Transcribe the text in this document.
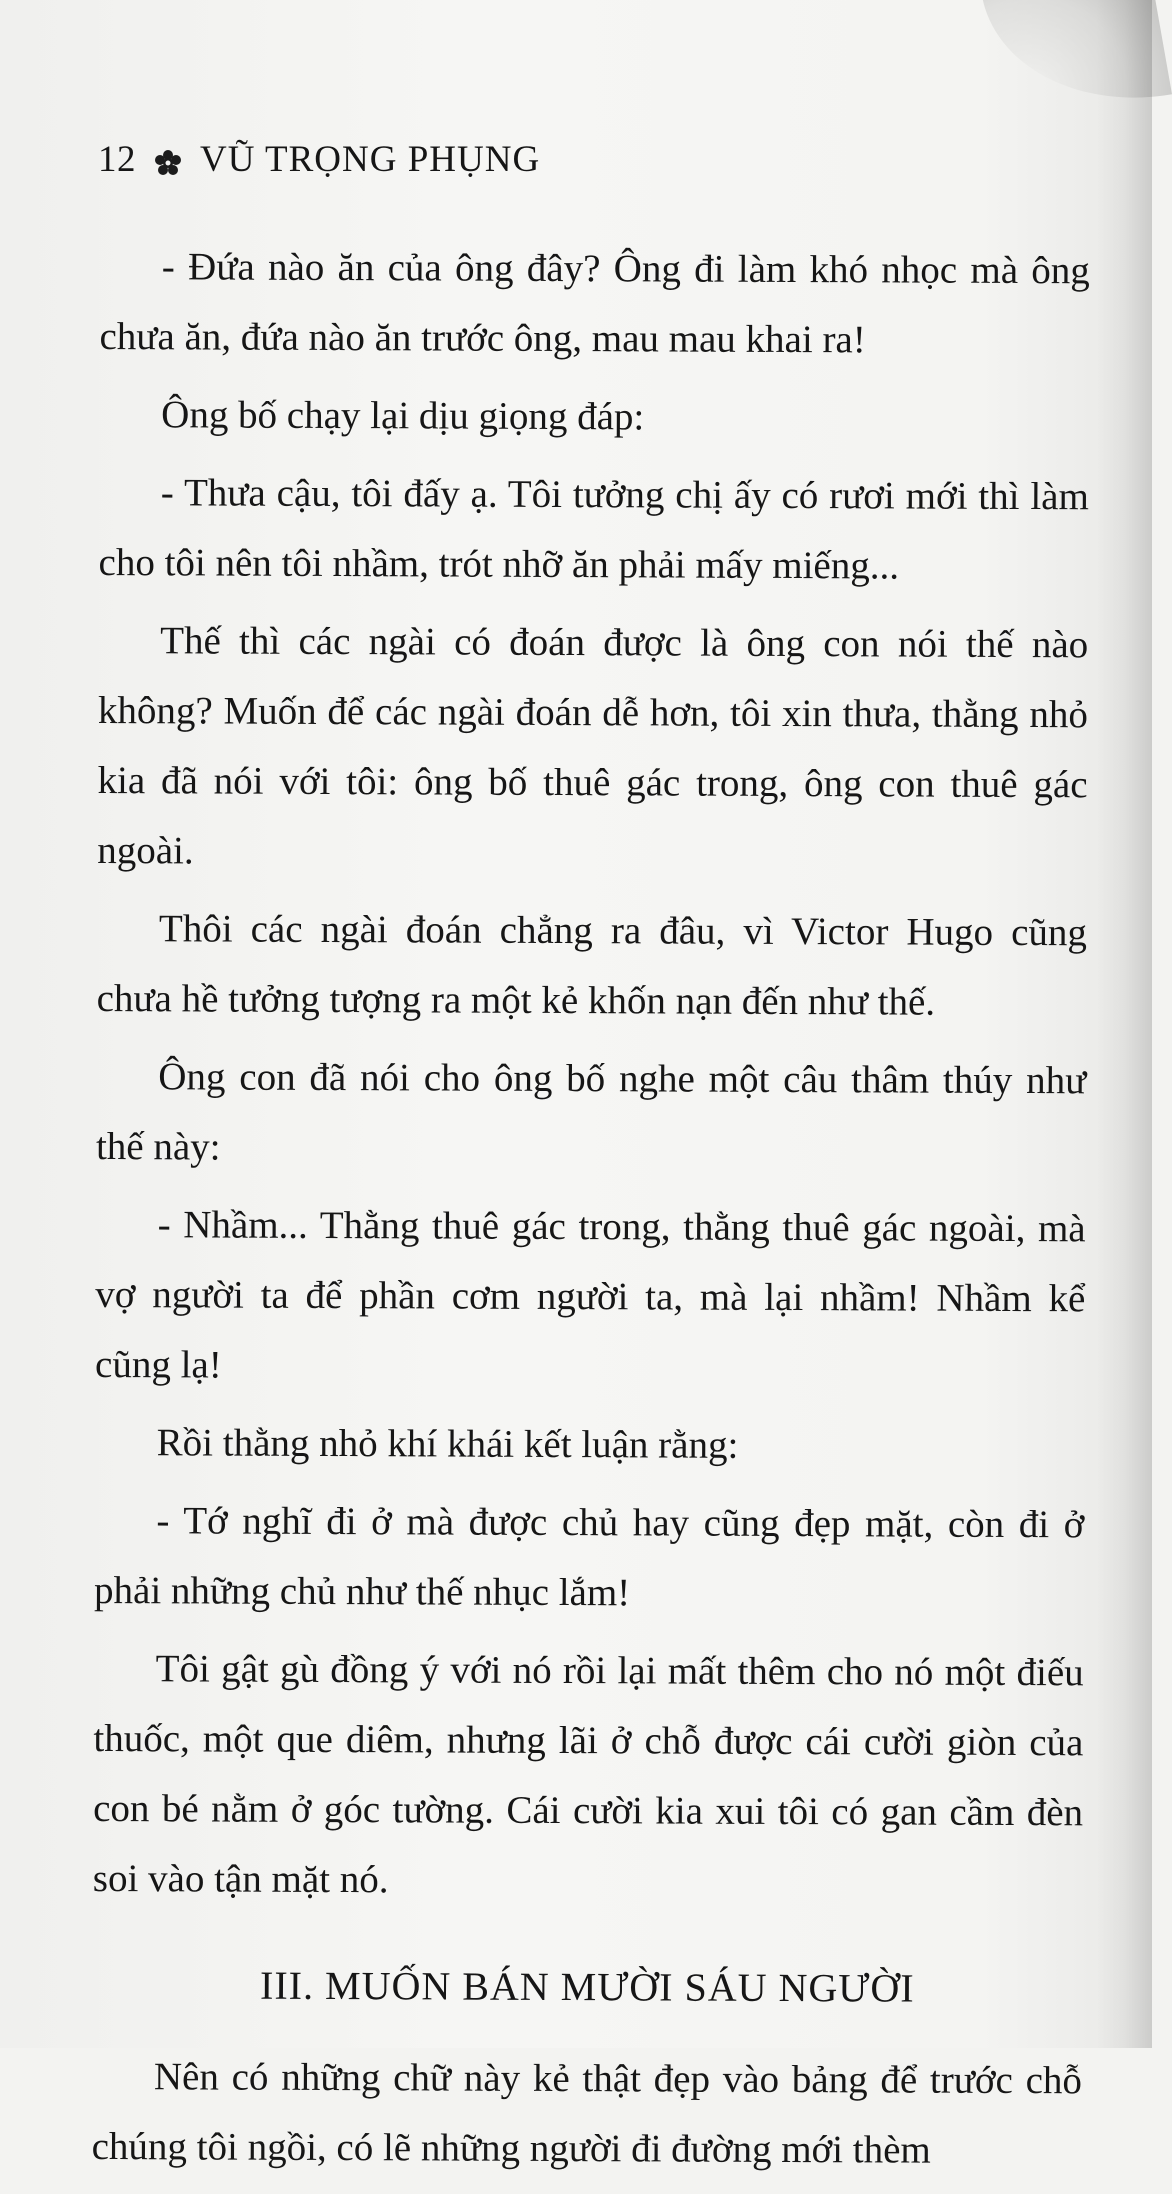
12 VŨ TRỌNG PHỤNG

- Đứa nào ăn của ông đây? Ông đi làm khó nhọc mà ông chưa ăn, đứa nào ăn trước ông, mau mau khai ra!

Ông bố chạy lại dịu giọng đáp:

- Thưa cậu, tôi đấy ạ. Tôi tưởng chị ấy có rươi mới thì làm cho tôi nên tôi nhầm, trót nhỡ ăn phải mấy miếng...

Thế thì các ngài có đoán được là ông con nói thế nào không? Muốn để các ngài đoán dễ hơn, tôi xin thưa, thằng nhỏ kia đã nói với tôi: ông bố thuê gác trong, ông con thuê gác ngoài.

Thôi các ngài đoán chẳng ra đâu, vì Victor Hugo cũng chưa hề tưởng tượng ra một kẻ khốn nạn đến như thế.

Ông con đã nói cho ông bố nghe một câu thâm thúy như thế này:

- Nhầm... Thằng thuê gác trong, thằng thuê gác ngoài, mà vợ người ta để phần cơm người ta, mà lại nhầm! Nhầm kể cũng lạ!

Rồi thằng nhỏ khí khái kết luận rằng:

- Tớ nghĩ đi ở mà được chủ hay cũng đẹp mặt, còn đi ở phải những chủ như thế nhục lắm!

Tôi gật gù đồng ý với nó rồi lại mất thêm cho nó một điếu thuốc, một que diêm, nhưng lãi ở chỗ được cái cười giòn của con bé nằm ở góc tường. Cái cười kia xui tôi có gan cầm đèn soi vào tận mặt nó.

III. MUỐN BÁN MƯỜI SÁU NGƯỜI

Nên có những chữ này kẻ thật đẹp vào bảng để trước chỗ chúng tôi ngồi, có lẽ những người đi đường mới thèm
